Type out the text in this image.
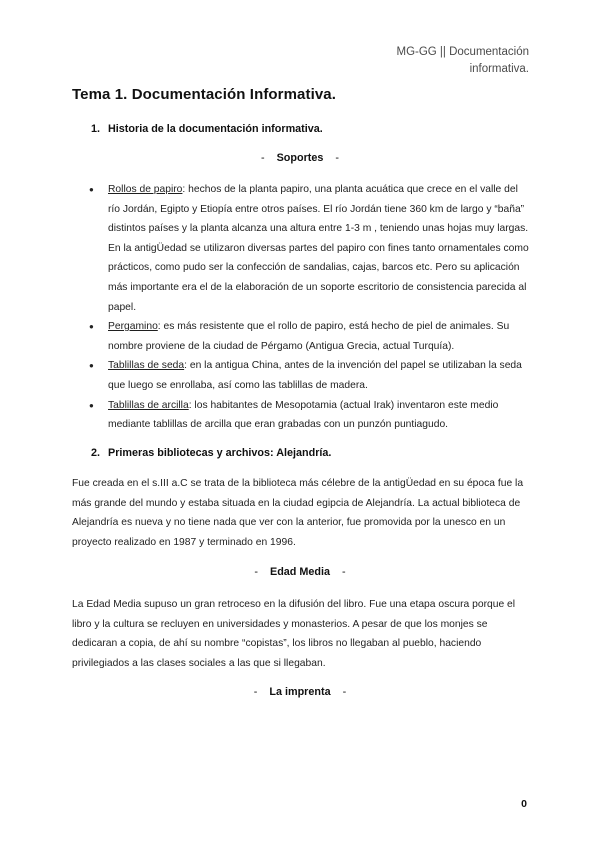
MG-GG || Documentación
informativa.
Tema 1. Documentación Informativa.
1. Historia de la documentación informativa.
- Soportes -
● Rollos de papiro: hechos de la planta papiro, una planta acuática que crece en el valle del río Jordán, Egipto y Etiopía entre otros países. El río Jordán tiene 360 km de largo y “baña” distintos países y la planta alcanza una altura entre 1-3 m , teniendo unas hojas muy largas. En la antigÜedad se utilizaron diversas partes del papiro con fines tanto ornamentales como prácticos, como pudo ser la confección de sandalias, cajas, barcos etc. Pero su aplicación más importante era el de la elaboración de un soporte escritorio de consistencia parecida al papel.
● Pergamino: es más resistente que el rollo de papiro, está hecho de piel de animales. Su nombre proviene de la ciudad de Pérgamo (Antigua Grecia, actual Turquía).
● Tablillas de seda: en la antigua China, antes de la invención del papel se utilizaban la seda que luego se enrollaba, así como las tablillas de madera.
● Tablillas de arcilla: los habitantes de Mesopotamia (actual Irak) inventaron este medio mediante tablillas de arcilla que eran grabadas con un punzón puntiagudo.
2. Primeras bibliotecas y archivos: Alejandría.

Fue creada en el s.III a.C se trata de la biblioteca más célebre de la antigÜedad en su época fue la más grande del mundo y estaba situada en la ciudad egipcia de Alejandría. La actual biblioteca de Alejandría es nueva y no tiene nada que ver con la anterior, fue promovida por la unesco en un proyecto realizado en 1987 y terminado en 1996.

- Edad Media -

La Edad Media supuso un gran retroceso en la difusión del libro. Fue una etapa oscura porque el libro y la cultura se recluyen en universidades y monasterios. A pesar de que los monjes se dedicaran a copia, de ahí su nombre “copistas”, los libros no llegaban al pueblo, haciendo privilegiados a las clases sociales a las que si llegaban.

- La imprenta -
0
